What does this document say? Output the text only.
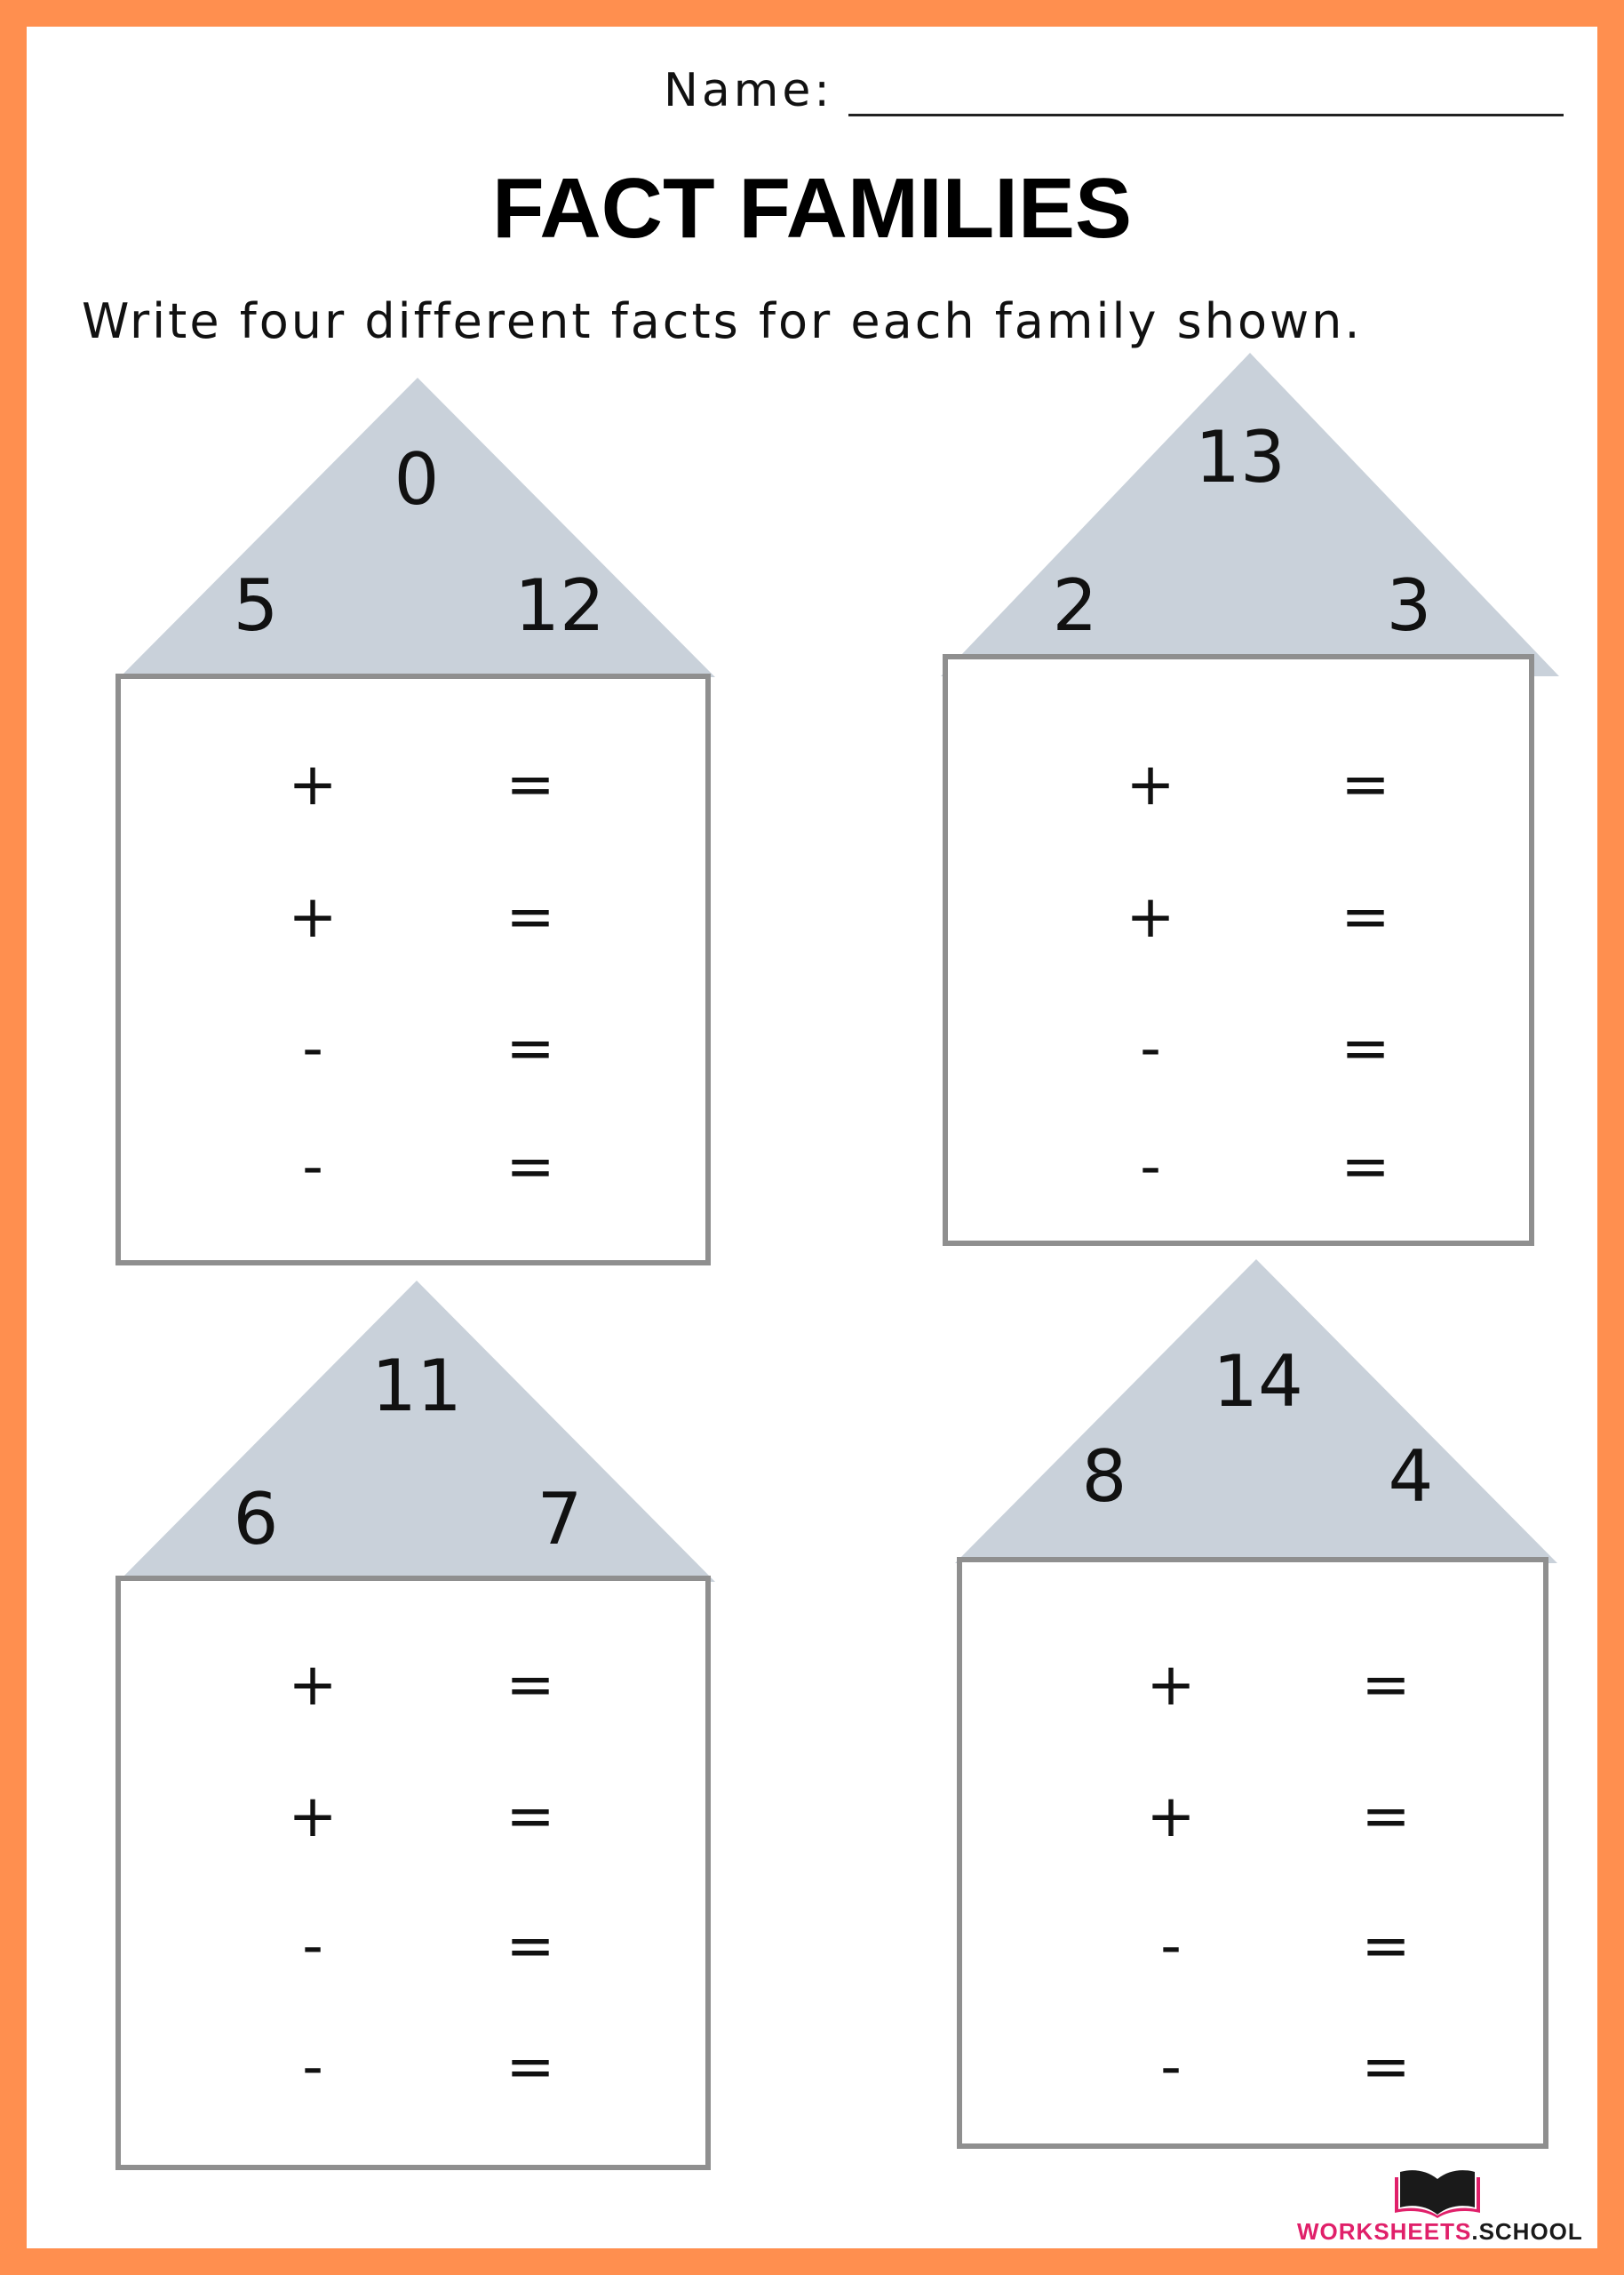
Name:
FACT FAMILIES
Write four different facts for each family shown.
0
5	12
+	=
+	=
-	=
-	=
13
2	3
+	=
+	=
-	=
-	=
11
6	7
+	=
+	=
-	=
-	=
14
8	4
+	=
+	=
-	=
-	=
WORKSHEETS.SCHOOL
